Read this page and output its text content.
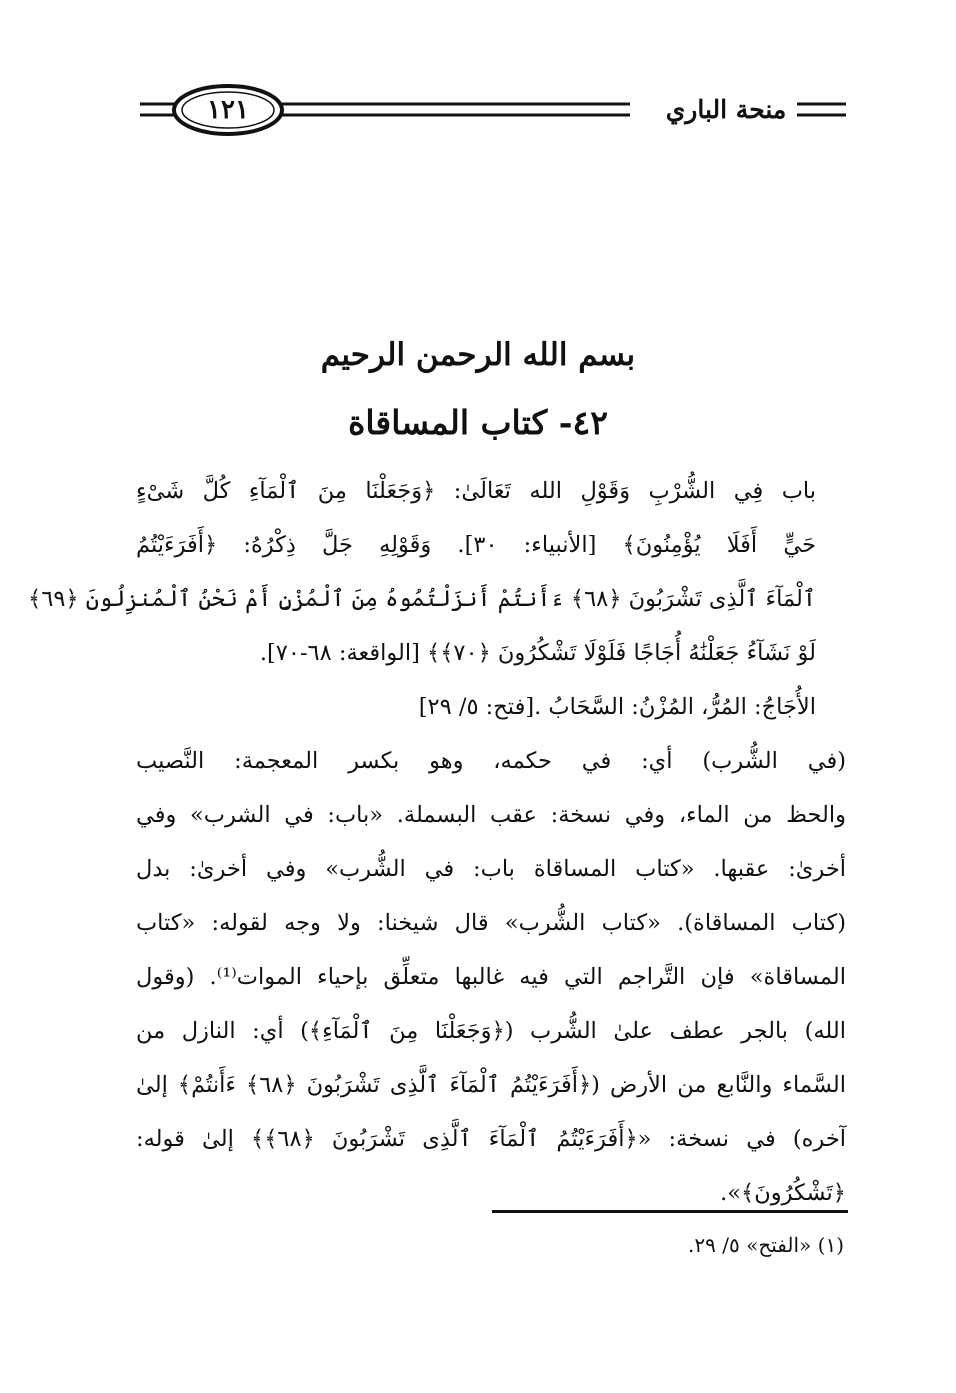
منحة الباري
١٢١
بسم الله الرحمن الرحيم
٤٢- كتاب المساقاة
باب فِي الشُّرْبِ وَقَوْلِ الله تَعَالَىٰ: ﴿وَجَعَلْنَا مِنَ ٱلْمَآءِ كُلَّ شَىْءٍ
حَيٍّ أَفَلَا يُؤْمِنُونَ﴾ [الأنبياء: ٣٠]. وَقَوْلِهِ جَلَّ ذِكْرُهُ: ﴿أَفَرَءَيْتُمُ
ٱلْمَآءَ ٱلَّذِى تَشْرَبُونَ ﴿٦٨﴾ ءَأَنتُمْ أَنزَلْتُمُوهُ مِنَ ٱلْمُزْنِ أَمْ نَحْنُ ٱلْمُنزِلُونَ ﴿٦٩﴾
لَوْ نَشَآءُ جَعَلْنَٰهُ أُجَاجًا فَلَوْلَا تَشْكُرُونَ ﴿٧٠﴾﴾ [الواقعة: ٦٨-٧٠].
الأُجَاجُ: المُرُّ، المُزْنُ: السَّحَابُ .[فتح: ٥/ ٢٩]
(في الشُّرب) أي: في حكمه، وهو بكسر المعجمة: النَّصيب
والحظ من الماء، وفي نسخة: عقب البسملة. «باب: في الشرب» وفي
أخرىٰ: عقبها. «كتاب المساقاة باب: في الشُّرب» وفي أخرىٰ: بدل
(كتاب المساقاة). «كتاب الشُّرب» قال شيخنا: ولا وجه لقوله: «كتاب
المساقاة» فإن التَّراجم التي فيه غالبها متعلِّق بإحياء الموات⁽¹⁾. (وقول
الله) بالجر عطف علىٰ الشُّرب (﴿وَجَعَلْنَا مِنَ ٱلْمَآءِ﴾) أي: النازل من
السَّماء والنَّابع من الأرض (﴿أَفَرَءَيْتُمُ ٱلْمَآءَ ٱلَّذِى تَشْرَبُونَ ﴿٦٨﴾ ءَأَنتُمْ﴾ إلىٰ
آخره) في نسخة: «﴿أَفَرَءَيْتُمُ ٱلْمَآءَ ٱلَّذِى تَشْرَبُونَ ﴿٦٨﴾﴾ إلىٰ قوله:
﴿تَشْكُرُونَ﴾».
(١) «الفتح» ٥/ ٢٩.
